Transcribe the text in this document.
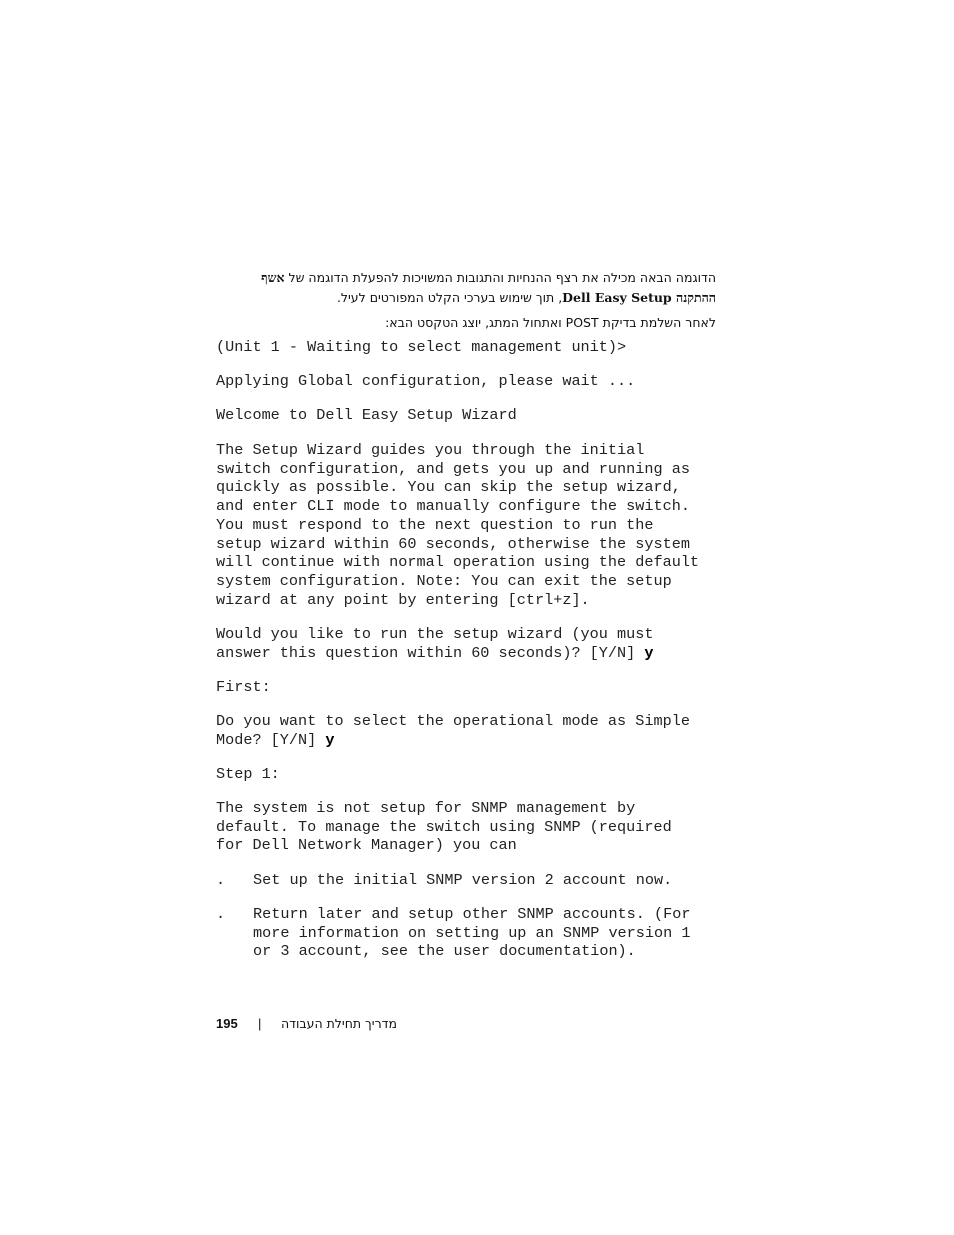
הדוגמה הבאה מכילה את רצף ההנחיות והתגובות המשויכות להפעלת הדוגמה של אשף

ההתקנה Dell Easy Setup, תוך שימוש בערכי הקלט המפורטים לעיל.

לאחר השלמת בדיקת POST ואתחול המתג, יוצג הטקסט הבא:

(Unit 1 - Waiting to select management unit)>
Applying Global configuration, please wait ...
Welcome to Dell Easy Setup Wizard
The Setup Wizard guides you through the initial
switch configuration, and gets you up and running as
quickly as possible. You can skip the setup wizard,
and enter CLI mode to manually configure the switch.
You must respond to the next question to run the
setup wizard within 60 seconds, otherwise the system
will continue with normal operation using the default
system configuration. Note: You can exit the setup
wizard at any point by entering [ctrl+z].
Would you like to run the setup wizard (you must
answer this question within 60 seconds)? [Y/N] y
First:
Do you want to select the operational mode as Simple
Mode? [Y/N] y
Step 1:
The system is not setup for SNMP management by
default. To manage the switch using SNMP (required
for Dell Network Manager) you can
. Set up the initial SNMP version 2 account now.
. Return later and setup other SNMP accounts. (For
more information on setting up an SNMP version 1
or 3 account, see the user documentation).
195 | מדריך תחילת העבודה
